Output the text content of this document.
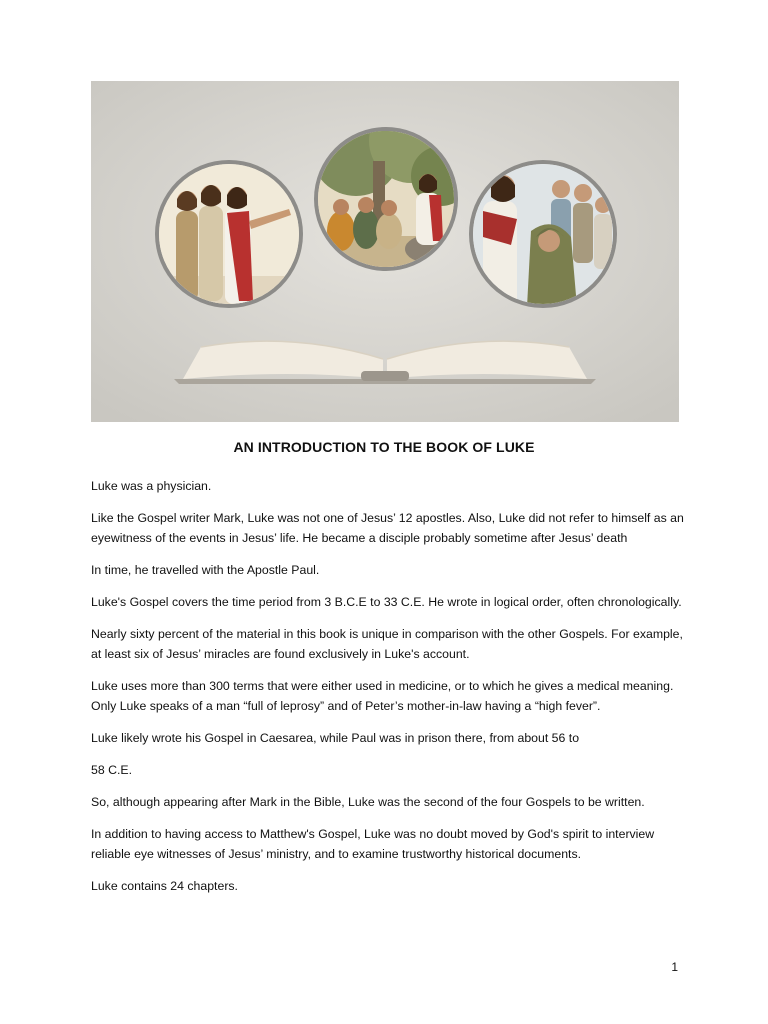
AN INTRODUCTION TO THE BOOK OF LUKE

Luke was a physician.

Like the Gospel writer Mark, Luke was not one of Jesus’ 12 apostles. Also, Luke did not refer to himself as an eyewitness of the events in Jesus’ life. He became a disciple probably sometime after Jesus’ death

In time, he travelled with the Apostle Paul.

Luke's Gospel covers the time period from 3 B.C.E to 33 C.E. He wrote in logical order, often chronologically.

Nearly sixty percent of the material in this book is unique in comparison with the other Gospels. For example, at least six of Jesus’ miracles are found exclusively in Luke's account.

Luke uses more than 300 terms that were either used in medicine, or to which he gives a medical meaning. Only Luke speaks of a man “full of leprosy” and of Peter’s mother-in-law having a “high fever”.

Luke likely wrote his Gospel in Caesarea, while Paul was in prison there, from about 56 to

58 C.E.

So, although appearing after Mark in the Bible, Luke was the second of the four Gospels to be written.

In addition to having access to Matthew's Gospel, Luke was no doubt moved by God's spirit to interview reliable eye witnesses of Jesus’ ministry, and to examine trustworthy historical documents.

Luke contains 24 chapters.

1
